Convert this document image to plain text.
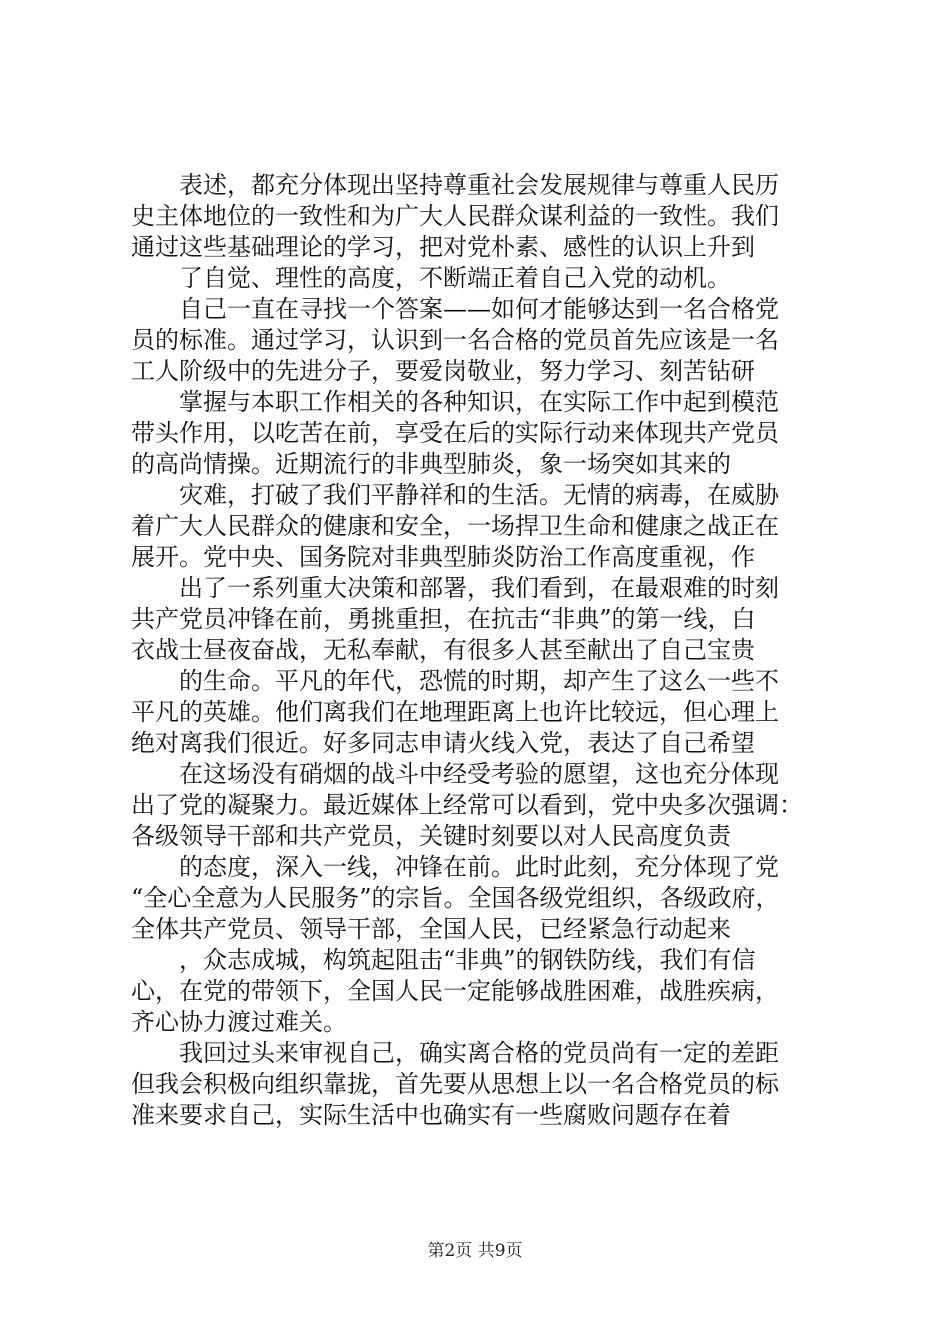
表述，都充分体现出坚持尊重社会发展规律与尊重人民历
史主体地位的一致性和为广大人民群众谋利益的一致性。我们
通过这些基础理论的学习，把对党朴素、感性的认识上升到
了自觉、理性的高度，不断端正着自己入党的动机。
自己一直在寻找一个答案——如何才能够达到一名合格党
员的标准。通过学习，认识到一名合格的党员首先应该是一名
工人阶级中的先进分子，要爱岗敬业，努力学习、刻苦钻研
掌握与本职工作相关的各种知识，在实际工作中起到模范
带头作用，以吃苦在前，享受在后的实际行动来体现共产党员
的高尚情操。近期流行的非典型肺炎，象一场突如其来的
灾难，打破了我们平静祥和的生活。无情的病毒，在威胁
着广大人民群众的健康和安全，一场捍卫生命和健康之战正在
展开。党中央、国务院对非典型肺炎防治工作高度重视，作
出了一系列重大决策和部署，我们看到，在最艰难的时刻
共产党员冲锋在前，勇挑重担，在抗击“非典”的第一线，白
衣战士昼夜奋战，无私奉献，有很多人甚至献出了自己宝贵
的生命。平凡的年代，恐慌的时期，却产生了这么一些不
平凡的英雄。他们离我们在地理距离上也许比较远，但心理上
绝对离我们很近。好多同志申请火线入党，表达了自己希望
在这场没有硝烟的战斗中经受考验的愿望，这也充分体现
出了党的凝聚力。最近媒体上经常可以看到，党中央多次强调：
各级领导干部和共产党员，关键时刻要以对人民高度负责
的态度，深入一线，冲锋在前。此时此刻，充分体现了党
“全心全意为人民服务”的宗旨。全国各级党组织，各级政府，
全体共产党员、领导干部，全国人民，已经紧急行动起来
，众志成城，构筑起阻击“非典”的钢铁防线，我们有信
心，在党的带领下，全国人民一定能够战胜困难，战胜疾病，
齐心协力渡过难关。
我回过头来审视自己，确实离合格的党员尚有一定的差距
但我会积极向组织靠拢，首先要从思想上以一名合格党员的标
准来要求自己，实际生活中也确实有一些腐败问题存在着
第2页 共9页
